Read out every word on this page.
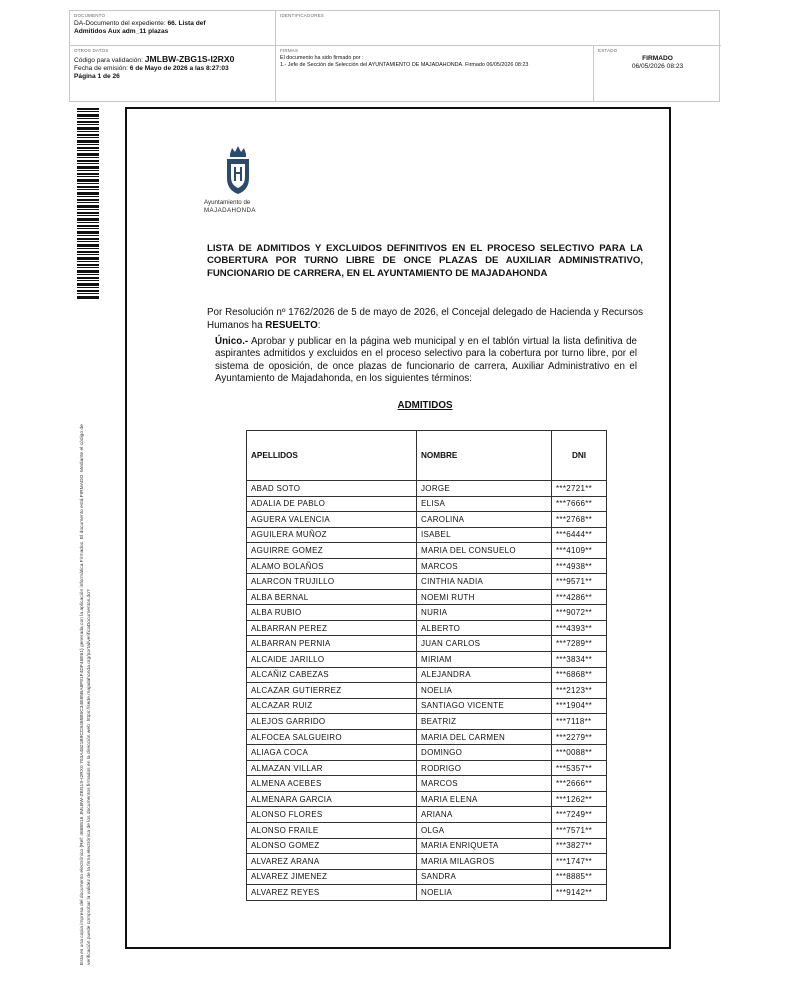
DOCUMENTO
DA-Documento del expediente: 66. Lista def
Admitidos Aux adm_11 plazas
IDENTIFICADORES
OTROS DATOS
Código para validación: JMLBW-ZBG1S-I2RX0
Fecha de emisión: 6 de Mayo de 2026 a las 8:27:03
Página 1 de 26
FIRMAS
El documento ha sido firmado por :
1.- Jefe de Sección de Selección del AYUNTAMIENTO DE MAJADAHONDA. Firmado 06/05/2026 08:23
ESTADO
FIRMADO
06/05/2026 08:23
Esta es una copia impresa del documento electrónico (Ref: 4685516 JMLBW-ZBG1S-I2RX0 703A4821B9CC8485B5C34E85BA8F91F4DF46E61) generada con la aplicación informática Firmadoc. El documento está FIRMADO. Mediante el código de verificación puede comprobar la validez de la firma electrónica de los documentos firmados en la dirección web: https://sede.majadahonda.org/portal/verificaDocumentos.do?
Ayuntamiento de
MAJADAHONDA
LISTA DE ADMITIDOS Y EXCLUIDOS DEFINITIVOS EN EL PROCESO SELECTIVO PARA LA COBERTURA POR TURNO LIBRE DE ONCE PLAZAS DE AUXILIAR ADMINISTRATIVO, FUNCIONARIO DE CARRERA, EN EL AYUNTAMIENTO DE MAJADAHONDA
Por Resolución nº 1762/2026 de 5 de mayo de 2026, el Concejal delegado de Hacienda y Recursos Humanos ha RESUELTO:
Único.- Aprobar y publicar en la página web municipal y en el tablón virtual la lista definitiva de aspirantes admitidos y excluidos en el proceso selectivo para la cobertura por turno libre, por el sistema de oposición, de once plazas de funcionario de carrera, Auxiliar Administrativo en el Ayuntamiento de Majadahonda, en los siguientes términos:
ADMITIDOS
APELLIDOS	NOMBRE	DNI
ABAD SOTO	JORGE	***2721**
ADALIA DE PABLO	ELISA	***7666**
AGUERA VALENCIA	CAROLINA	***2768**
AGUILERA MUÑOZ	ISABEL	***6444**
AGUIRRE GOMEZ	MARIA DEL CONSUELO	***4109**
ALAMO BOLAÑOS	MARCOS	***4938**
ALARCON TRUJILLO	CINTHIA NADIA	***9571**
ALBA BERNAL	NOEMI RUTH	***4286**
ALBA RUBIO	NURIA	***9072**
ALBARRAN PEREZ	ALBERTO	***4393**
ALBARRAN PERNIA	JUAN CARLOS	***7289**
ALCAIDE JARILLO	MIRIAM	***3834**
ALCAÑIZ CABEZAS	ALEJANDRA	***6868**
ALCAZAR GUTIERREZ	NOELIA	***2123**
ALCAZAR RUIZ	SANTIAGO VICENTE	***1904**
ALEJOS GARRIDO	BEATRIZ	***7118**
ALFOCEA SALGUEIRO	MARIA DEL CARMEN	***2279**
ALIAGA COCA	DOMINGO	***0088**
ALMAZAN VILLAR	RODRIGO	***5357**
ALMENA ACEBES	MARCOS	***2666**
ALMENARA GARCIA	MARIA ELENA	***1262**
ALONSO FLORES	ARIANA	***7249**
ALONSO FRAILE	OLGA	***7571**
ALONSO GOMEZ	MARIA ENRIQUETA	***3827**
ALVAREZ ARANA	MARIA MILAGROS	***1747**
ALVAREZ JIMENEZ	SANDRA	***8885**
ALVAREZ REYES	NOELIA	***9142**
